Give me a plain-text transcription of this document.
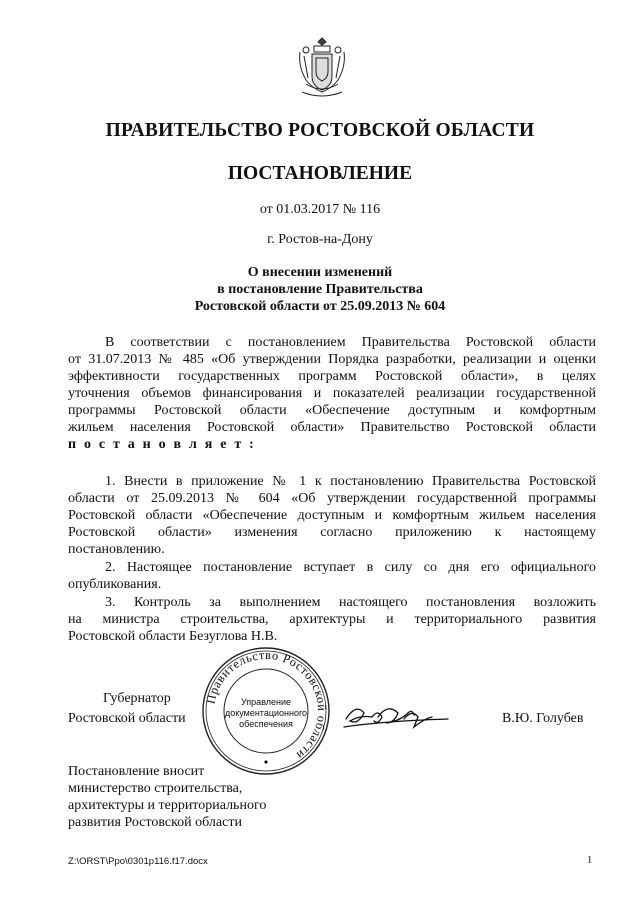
ПРАВИТЕЛЬСТВО РОСТОВСКОЙ ОБЛАСТИ
ПОСТАНОВЛЕНИЕ
от 01.03.2017 № 116
г. Ростов-на-Дону
О внесении изменений
в постановление Правительства
Ростовской области от 25.09.2013 № 604
В соответствии с постановлением Правительства Ростовской области
от 31.07.2013 № 485 «Об утверждении Порядка разработки, реализации и оценки
эффективности государственных программ Ростовской области», в целях
уточнения объемов финансирования и показателей реализации государственной
программы Ростовской области «Обеспечение доступным и комфортным
жильем населения Ростовской области» Правительство Ростовской области
п о с т а н о в л я е т :
1. Внести в приложение № 1 к постановлению Правительства Ростовской
области от 25.09.2013 № 604 «Об утверждении государственной программы
Ростовской области «Обеспечение доступным и комфортным жильем населения
Ростовской области» изменения согласно приложению к настоящему
постановлению.
2. Настоящее постановление вступает в силу со дня его официального
опубликования.
3. Контроль за выполнением настоящего постановления возложить
на министра строительства, архитектуры и территориального развития
Ростовской области Безуглова Н.В.
Губернатор
Ростовской области
Правительство Ростовской области
Управление
документационного
обеспечения	В.Ю. Голубев
Постановление вносит
министерство строительства,
архитектуры и территориального
развития Ростовской области
Z:\ORST\Ppo\0301p116.f17.docx	1
